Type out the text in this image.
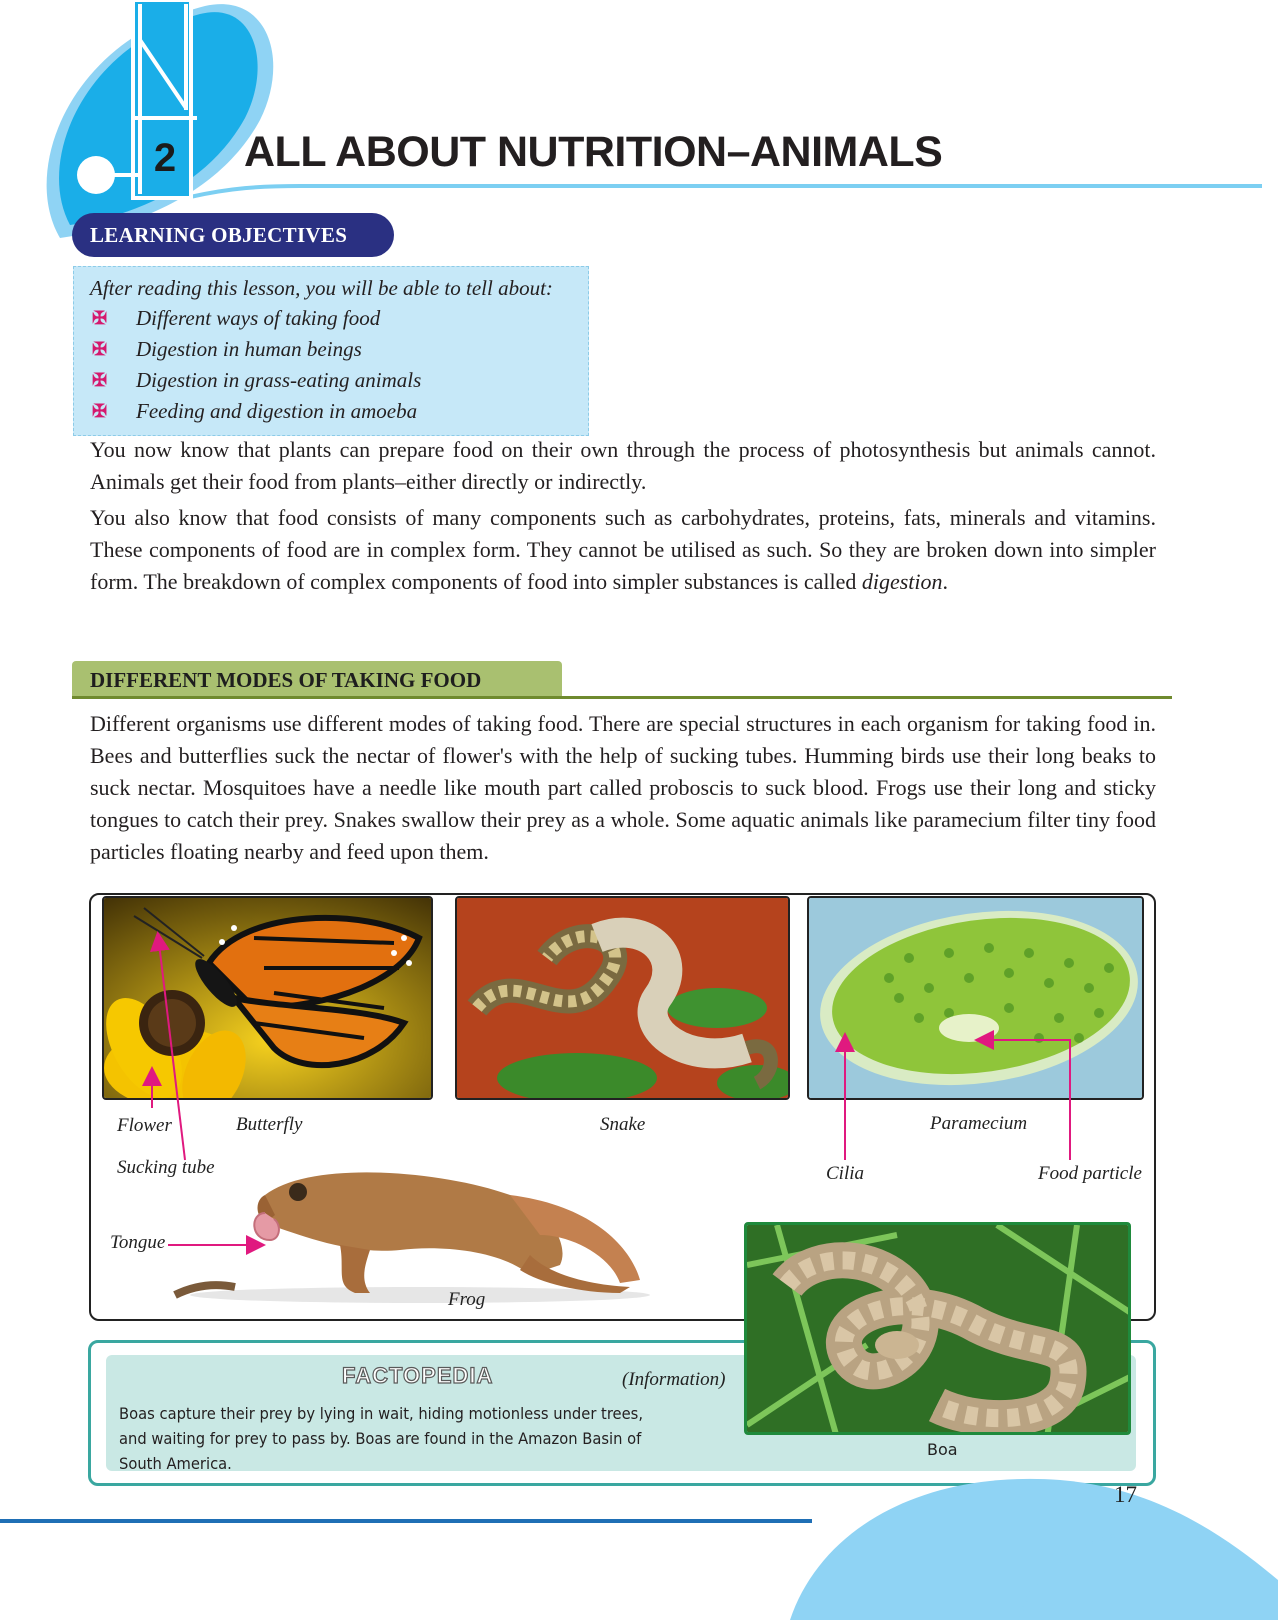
2	ALL ABOUT NUTRITION–ANIMALS
LEARNING OBJECTIVES
After reading this lesson, you will be able to tell about:
✠ Different ways of taking food
✠ Digestion in human beings
✠ Digestion in grass-eating animals
✠ Feeding and digestion in amoeba

You now know that plants can prepare food on their own through the process of photosynthesis but animals cannot. Animals get their food from plants–either directly or indirectly.

You also know that food consists of many components such as carbohydrates, proteins, fats, minerals and vitamins. These components of food are in complex form. They cannot be utilised as such. So they are broken down into simpler form. The breakdown of complex components of food into simpler substances is called digestion.

DIFFERENT MODES OF TAKING FOOD

Different organisms use different modes of taking food. There are special structures in each organism for taking food in. Bees and butterflies suck the nectar of flower's with the help of sucking tubes. Humming birds use their long beaks to suck nectar. Mosquitoes have a needle like mouth part called proboscis to suck blood. Frogs use their long and sticky tongues to catch their prey. Snakes swallow their prey as a whole. Some aquatic animals like paramecium filter tiny food particles floating nearby and feed upon them.

Flower	Butterfly
Sucking tube
Snake	Paramecium
Cilia	Food particle
Tongue
Frog
FACTOPEDIA	(Information)
Boas capture their prey by lying in wait, hiding motionless under trees, and waiting for prey to pass by. Boas are found in the Amazon Basin of South America.
Boa
17
